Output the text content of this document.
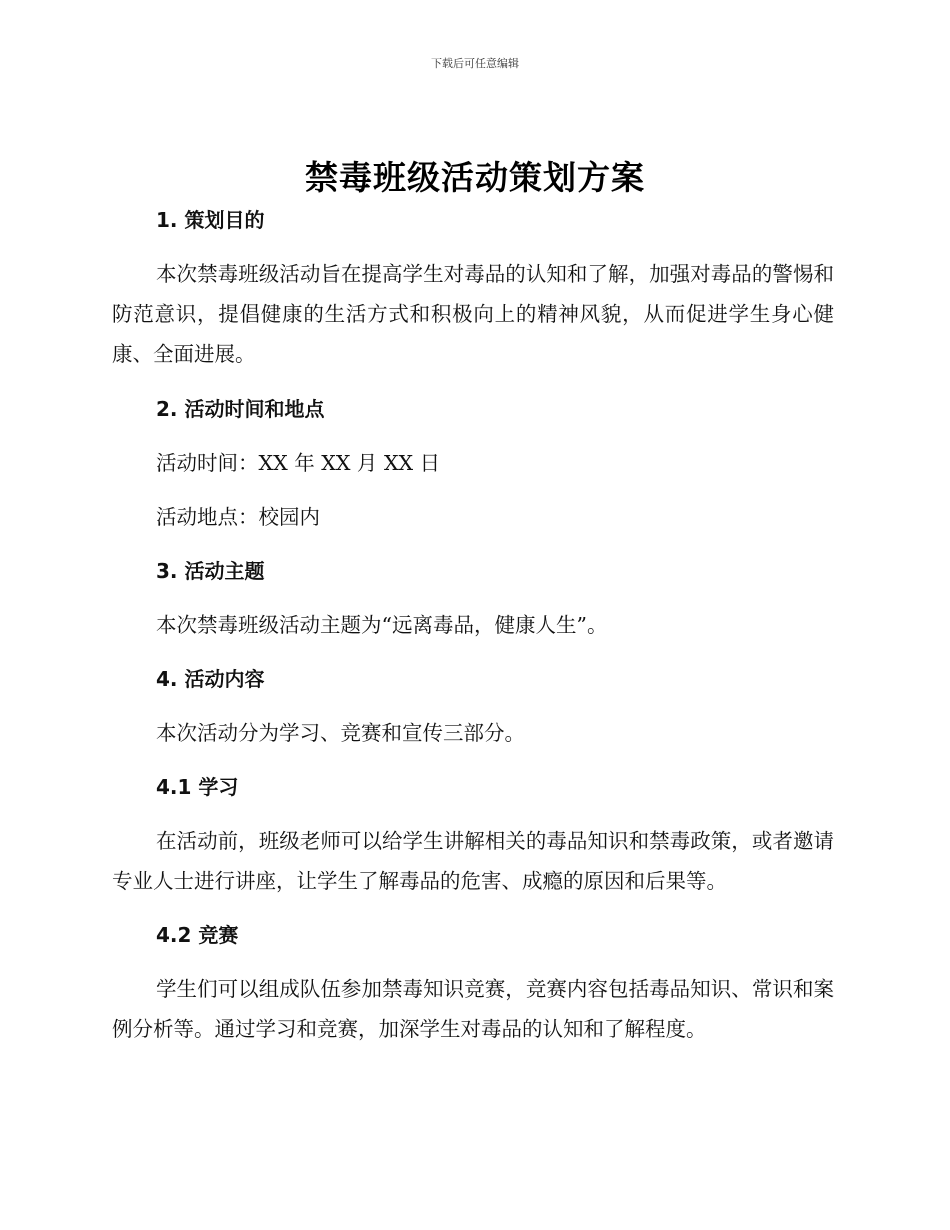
下载后可任意编辑
禁毒班级活动策划方案
1. 策划目的
本次禁毒班级活动旨在提高学生对毒品的认知和了解，加强对毒品的警惕和防范意识，提倡健康的生活方式和积极向上的精神风貌，从而促进学生身心健康、全面进展。
2. 活动时间和地点
活动时间：XX 年 XX 月 XX 日
活动地点：校园内
3. 活动主题
本次禁毒班级活动主题为“远离毒品，健康人生”。
4. 活动内容
本次活动分为学习、竞赛和宣传三部分。
4.1 学习
在活动前，班级老师可以给学生讲解相关的毒品知识和禁毒政策，或者邀请专业人士进行讲座，让学生了解毒品的危害、成瘾的原因和后果等。
4.2 竞赛
学生们可以组成队伍参加禁毒知识竞赛，竞赛内容包括毒品知识、常识和案例分析等。通过学习和竞赛，加深学生对毒品的认知和了解程度。
